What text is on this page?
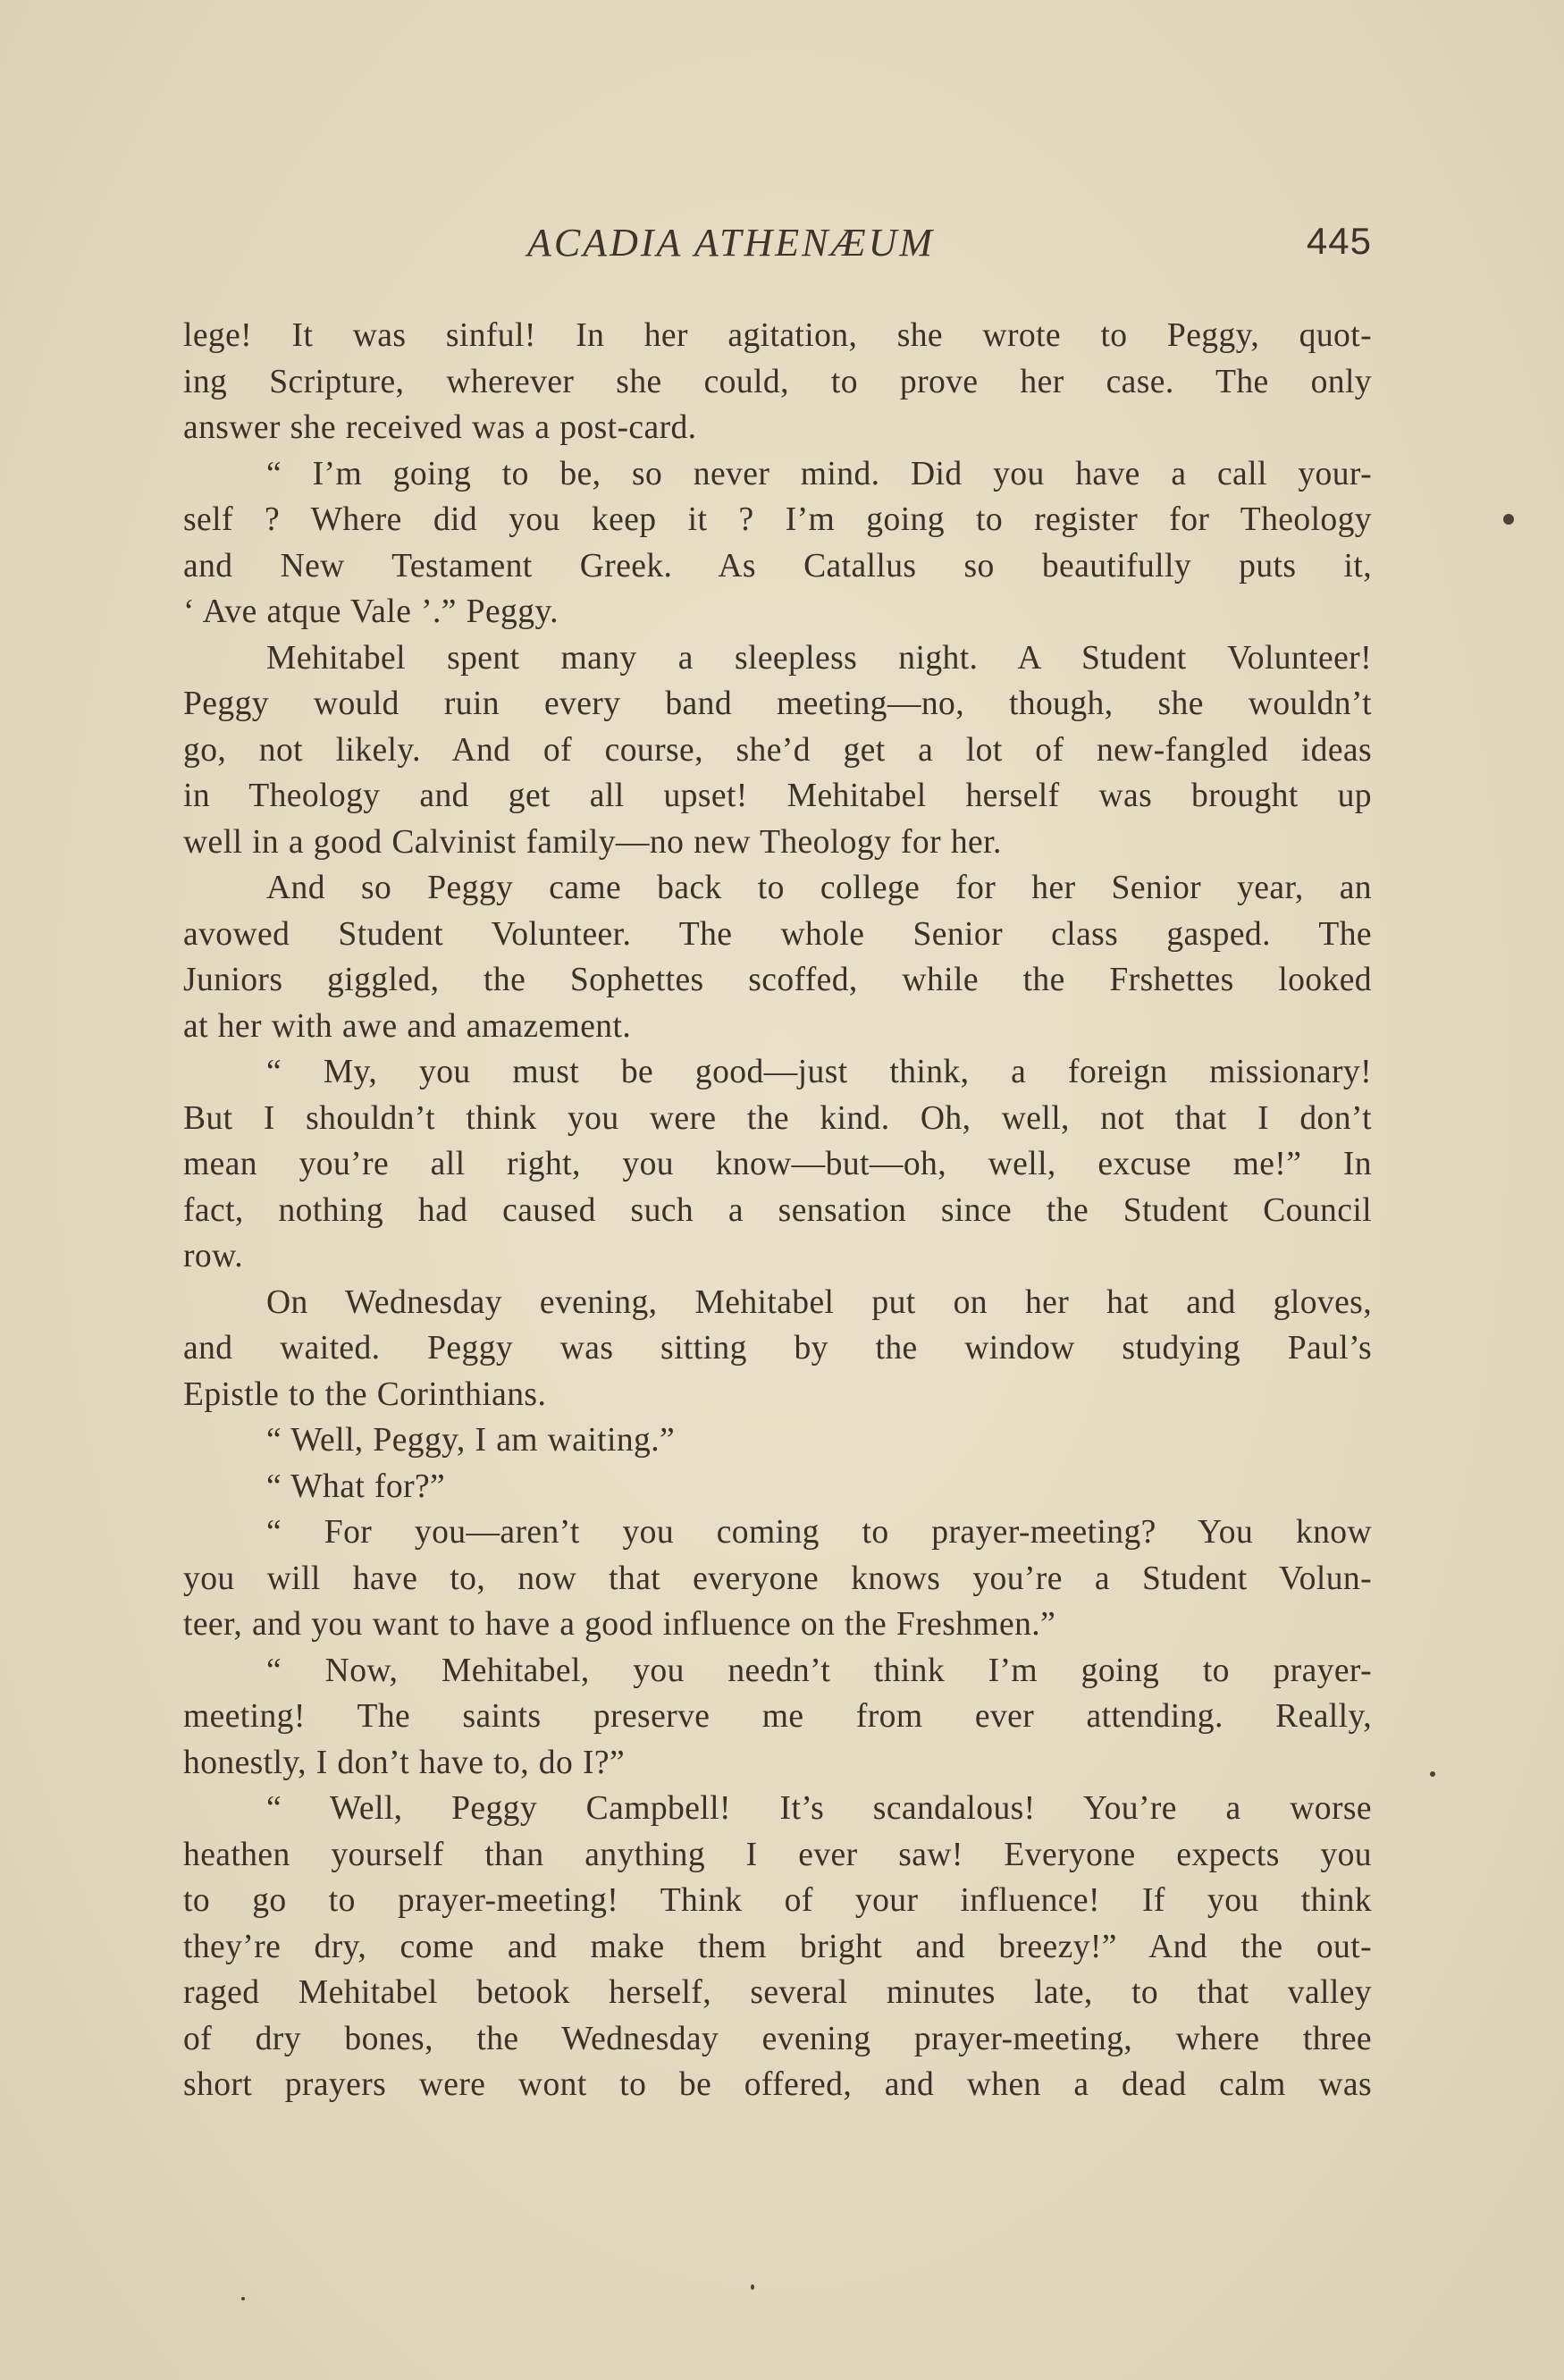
ACADIA ATHENÆUM	445

lege! It was sinful! In her agitation, she wrote to Peggy, quot-

ing Scripture, wherever she could, to prove her case. The only

answer she received was a post-card.

“ I’m going to be, so never mind. Did you have a call your-

self ? Where did you keep it ? I’m going to register for Theology

and New Testament Greek. As Catallus so beautifully puts it,

‘ Ave atque Vale ’.” Peggy.

Mehitabel spent many a sleepless night. A Student Volunteer!

Peggy would ruin every band meeting—no, though, she wouldn’t

go, not likely. And of course, she’d get a lot of new-fangled ideas

in Theology and get all upset! Mehitabel herself was brought up

well in a good Calvinist family—no new Theology for her.

And so Peggy came back to college for her Senior year, an

avowed Student Volunteer. The whole Senior class gasped. The

Juniors giggled, the Sophettes scoffed, while the Frshettes looked

at her with awe and amazement.

“ My, you must be good—just think, a foreign missionary!

But I shouldn’t think you were the kind. Oh, well, not that I don’t

mean you’re all right, you know—but—oh, well, excuse me!” In

fact, nothing had caused such a sensation since the Student Council

row.

On Wednesday evening, Mehitabel put on her hat and gloves,

and waited. Peggy was sitting by the window studying Paul’s

Epistle to the Corinthians.

“ Well, Peggy, I am waiting.”

“ What for?”

“ For you—aren’t you coming to prayer-meeting? You know

you will have to, now that everyone knows you’re a Student Volun-

teer, and you want to have a good influence on the Freshmen.”

“ Now, Mehitabel, you needn’t think I’m going to prayer-

meeting! The saints preserve me from ever attending. Really,

honestly, I don’t have to, do I?”

“ Well, Peggy Campbell! It’s scandalous! You’re a worse

heathen yourself than anything I ever saw! Everyone expects you

to go to prayer-meeting! Think of your influence! If you think

they’re dry, come and make them bright and breezy!” And the out-

raged Mehitabel betook herself, several minutes late, to that valley

of dry bones, the Wednesday evening prayer-meeting, where three

short prayers were wont to be offered, and when a dead calm was
